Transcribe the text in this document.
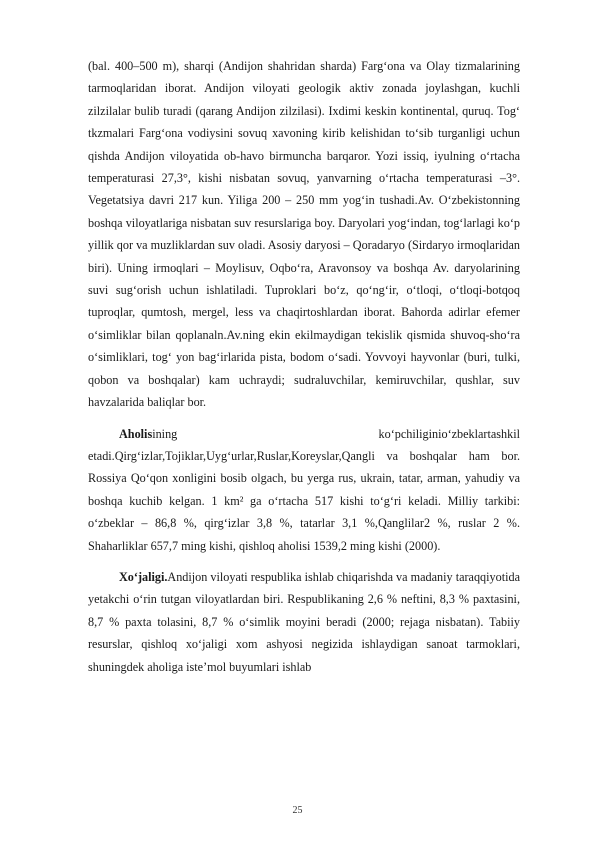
(bal. 400–500 m), sharqi (Andijon shahridan sharda) Farg‘ona va Olay tizmalarining tarmoqlaridan iborat. Andijon viloyati geologik aktiv zonada joylashgan, kuchli zilzilalar bulib turadi (qarang Andijon zilzilasi). Ixdimi keskin kontinental, quruq. Tog‘ tkzmalari Farg‘ona vodiysini sovuq xavoning kirib kelishidan to‘sib turganligi uchun qishda Andijon viloyatida ob-havo birmuncha barqaror. Yozi issiq, iyulning o‘rtacha temperaturasi 27,3°, kishi nisbatan sovuq, yanvarning o‘rtacha temperaturasi –3°. Vegetatsiya davri 217 kun. Yiliga 200 – 250 mm yog‘in tushadi.Av. O‘zbekistonning boshqa viloyatlariga nisbatan suv resurslariga boy. Daryolari yog‘indan, tog‘larlagi ko‘p yillik qor va muzliklardan suv oladi. Asosiy daryosi – Qoradaryo (Sirdaryo irmoqlaridan biri). Uning irmoqlari – Moylisuv, Oqbo‘ra, Aravonsoy va boshqa Av. daryolarining suvi sug‘orish uchun ishlatiladi. Tuproklari bo‘z, qo‘ng‘ir, o‘tloqi, o‘tloqi-botqoq tuproqlar, qumtosh, mergel, less va chaqirtoshlardan iborat. Bahorda adirlar efemer o‘simliklar bilan qoplanaln.Av.ning ekin ekilmaydigan tekislik qismida shuvoq-sho‘ra o‘simliklari, tog‘ yon bag‘irlarida pista, bodom o‘sadi. Yovvoyi hayvonlar (buri, tulki, qobon va boshqalar) kam uchraydi; sudraluvchilar, kemiruvchilar, qushlar, suv havzalarida baliqlar bor.

Aholisining ko‘pchiliginio‘zbeklartashkil etadi.Qirg‘izlar,Tojiklar,Uyg‘urlar,Ruslar,Koreyslar,Qangli va boshqalar ham bor. Rossiya Qo‘qon xonligini bosib olgach, bu yerga rus, ukrain, tatar, arman, yahudiy va boshqa kuchib kelgan. 1 km² ga o‘rtacha 517 kishi to‘g‘ri keladi. Milliy tarkibi: o‘zbeklar – 86,8 %, qirg‘izlar 3,8 %, tatarlar 3,1 %,Qanglilar2 %, ruslar 2 %. Shaharliklar 657,7 ming kishi, qishloq aholisi 1539,2 ming kishi (2000).

Xo‘jaligi.Andijon viloyati respublika ishlab chiqarishda va madaniy taraqqiyotida yetakchi o‘rin tutgan viloyatlardan biri. Respublikaning 2,6 % neftini, 8,3 % paxtasini, 8,7 % paxta tolasini, 8,7 % o‘simlik moyini beradi (2000; rejaga nisbatan). Tabiiy resurslar, qishloq xo‘jaligi xom ashyosi negizida ishlaydigan sanoat tarmoklari, shuningdek aholiga iste’mol buyumlari ishlab

25
